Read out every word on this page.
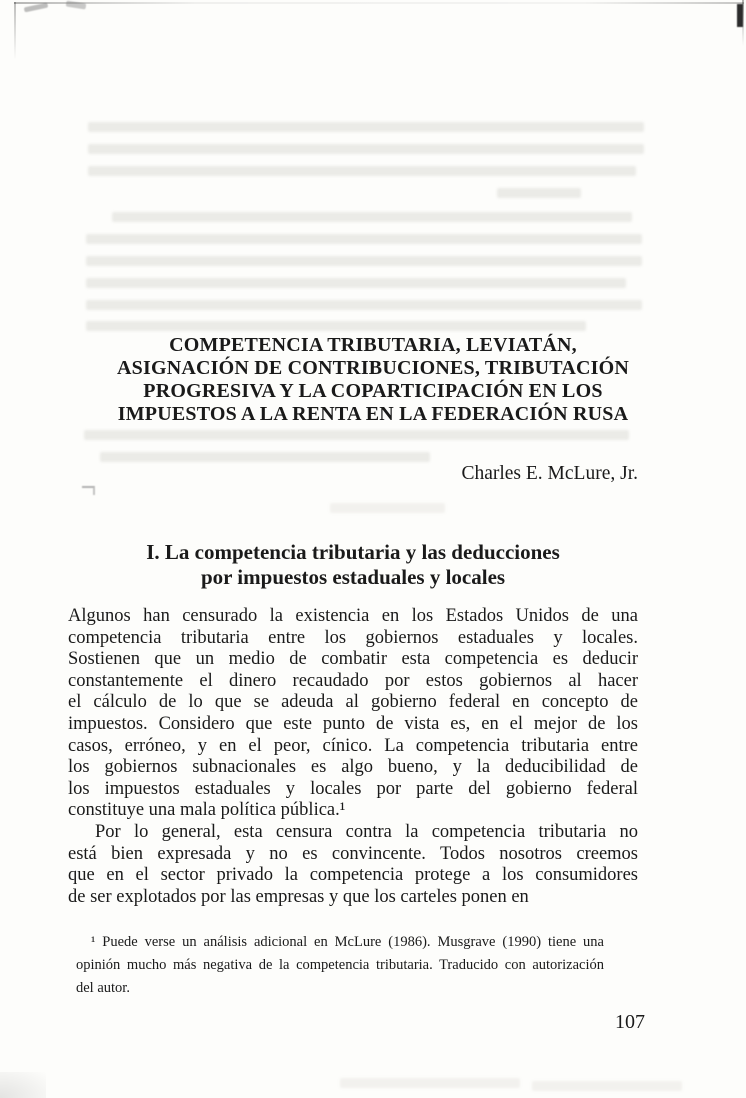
COMPETENCIA TRIBUTARIA, LEVIATÁN,
ASIGNACIÓN DE CONTRIBUCIONES, TRIBUTACIÓN
PROGRESIVA Y LA COPARTICIPACIÓN EN LOS
IMPUESTOS A LA RENTA EN LA FEDERACIÓN RUSA
Charles E. McLure, Jr.
I. La competencia tributaria y las deducciones
por impuestos estaduales y locales
Algunos han censurado la existencia en los Estados Unidos de una
competencia tributaria entre los gobiernos estaduales y locales.
Sostienen que un medio de combatir esta competencia es deducir
constantemente el dinero recaudado por estos gobiernos al hacer
el cálculo de lo que se adeuda al gobierno federal en concepto de
impuestos. Considero que este punto de vista es, en el mejor de los
casos, erróneo, y en el peor, cínico. La competencia tributaria entre
los gobiernos subnacionales es algo bueno, y la deducibilidad de
los impuestos estaduales y locales por parte del gobierno federal
constituye una mala política pública.¹
Por lo general, esta censura contra la competencia tributaria no
está bien expresada y no es convincente. Todos nosotros creemos
que en el sector privado la competencia protege a los consumidores
de ser explotados por las empresas y que los carteles ponen en
¹ Puede verse un análisis adicional en McLure (1986). Musgrave (1990) tiene una
opinión mucho más negativa de la competencia tributaria. Traducido con autorización
del autor.
107
